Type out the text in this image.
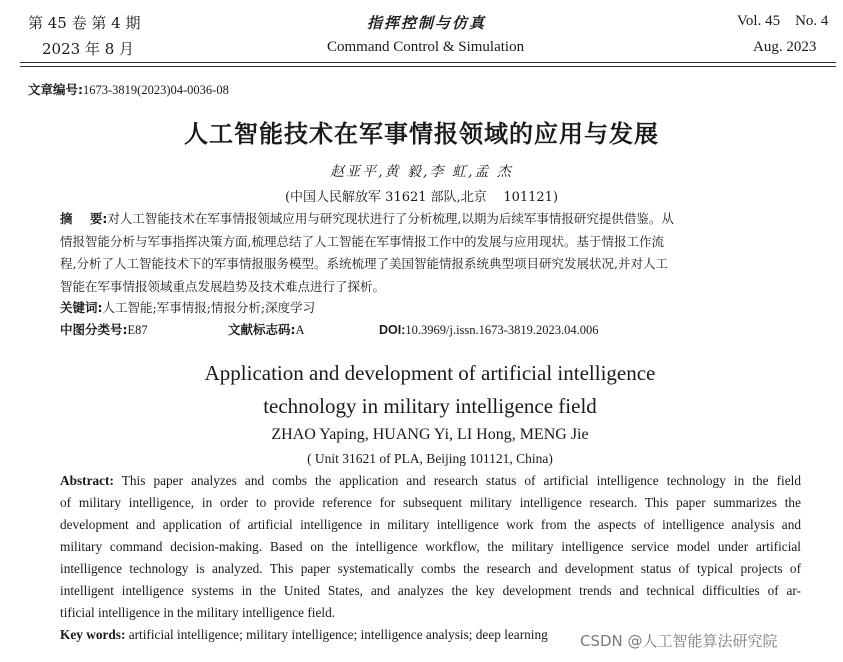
第 45 卷 第 4 期
2023 年 8 月
指挥控制与仿真
Command Control & Simulation
Vol. 45    No. 4
Aug. 2023
文章编号:1673-3819(2023)04-0036-08
人工智能技术在军事情报领域的应用与发展
赵亚平,黄 毅,李 虹,孟 杰
(中国人民解放军 31621 部队,北京    101121)
摘    要:对人工智能技术在军事情报领域应用与研究现状进行了分析梳理,以期为后续军事情报研究提供借鉴。从
情报智能分析与军事指挥决策方面,梳理总结了人工智能在军事情报工作中的发展与应用现状。基于情报工作流
程,分析了人工智能技术下的军事情报服务模型。系统梳理了美国智能情报系统典型项目研究发展状况,并对人工
智能在军事情报领域重点发展趋势及技术难点进行了探析。
关键词:人工智能;军事情报;情报分析;深度学习
中图分类号:E87	文献标志码:A	DOI:10.3969/j.issn.1673-3819.2023.04.006
Application and development of artificial intelligence
technology in military intelligence field
ZHAO Yaping, HUANG Yi, LI Hong, MENG Jie
( Unit 31621 of PLA, Beijing 101121, China)
Abstract: This paper analyzes and combs the application and research status of artificial intelligence technology in the field
of military intelligence, in order to provide reference for subsequent military intelligence research. This paper summarizes the
development and application of artificial intelligence in military intelligence work from the aspects of intelligence analysis and
military command decision-making. Based on the intelligence workflow, the military intelligence service model under artificial
intelligence technology is analyzed. This paper systematically combs the research and development status of typical projects of
intelligent intelligence systems in the United States, and analyzes the key development trends and technical difficulties of ar-
tificial intelligence in the military intelligence field.
Key words: artificial intelligence; military intelligence; intelligence analysis; deep learning CSDN @人工智能算法研究院
